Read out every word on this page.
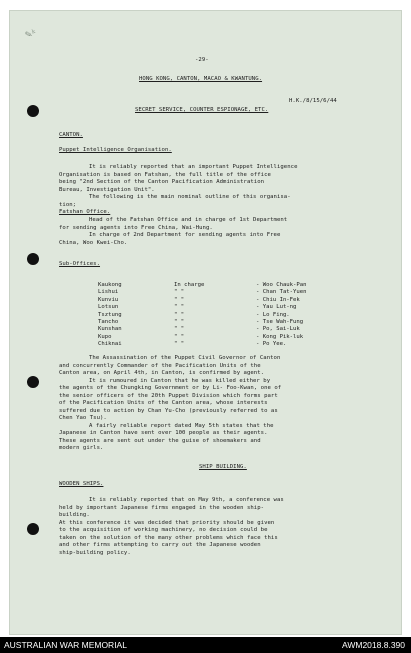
✎ᵏ
-29-
HONG KONG, CANTON, MACAO & KWANTUNG.
H.K./8/15/6/44
SECRET SERVICE, COUNTER ESPIONAGE, ETC.
CANTON.
Puppet Intelligence Organisation.
It is reliably reported that an important Puppet Intelligence
Organisation is based on Fatshan, the full title of the office
being "2nd Section of the Canton Pacification Administration
Bureau, Investigation Unit".
The following is the main nominal outline of this organisa-
tion;
Fatshan Office.
Head of the Fatshan Office and in charge of 1st Department
for sending agents into Free China, Wai-Hung.
In charge of 2nd Department for sending agents into Free
China, Woo Kwei-Cho.
Sub-Offices.
Kaukong	In charge	- Woo Chauk-Pan
Lishui	" "	- Chan Tat-Yuen
Kunviu	" "	- Chiu In-Fek
Lotsun	" "	- Yau Lut-ng
Tsztung	" "	- Lo Fing.
Tancho	" "	- Tse Wah-Fung
Kunshan	" "	- Po, Sai-Luk
Kupo	" "	- Kong Pik-luk
Chiknai	" "	- Po Yee.
The Assassination of the Puppet Civil Governor of Canton
and concurrently Commander of the Pacification Units of the
Canton area, on April 4th, in Canton, is confirmed by agent.
It is rumoured in Canton that he was killed either by
the agents of the Chungking Government or by Li- Foo-Kwan, one of
the senior officers of the 20th Puppet Division which forms part
of the Pacification Units of the Canton area, whose interests
suffered due to action by Chan Yu-Cho (previously referred to as
Chen Yao Tsu).
A fairly reliable report dated May 5th states that the
Japanese in Canton have sent over 100 people as their agents.
These agents are sent out under the guise of shoemakers and
modern girls.
SHIP BUILDING.
WOODEN SHIPS.
It is reliably reported that on May 9th, a conference was
held by important Japanese firms engaged in the wooden ship-
building.
At this conference it was decided that priority should be given
to the acquisition of working machinery, no decision could be
taken on the solution of the many other problems which face this
and other firms attempting to carry out the Japanese wooden
ship-building policy.
AUSTRALIAN WAR MEMORIAL	AWM2018.8.390
